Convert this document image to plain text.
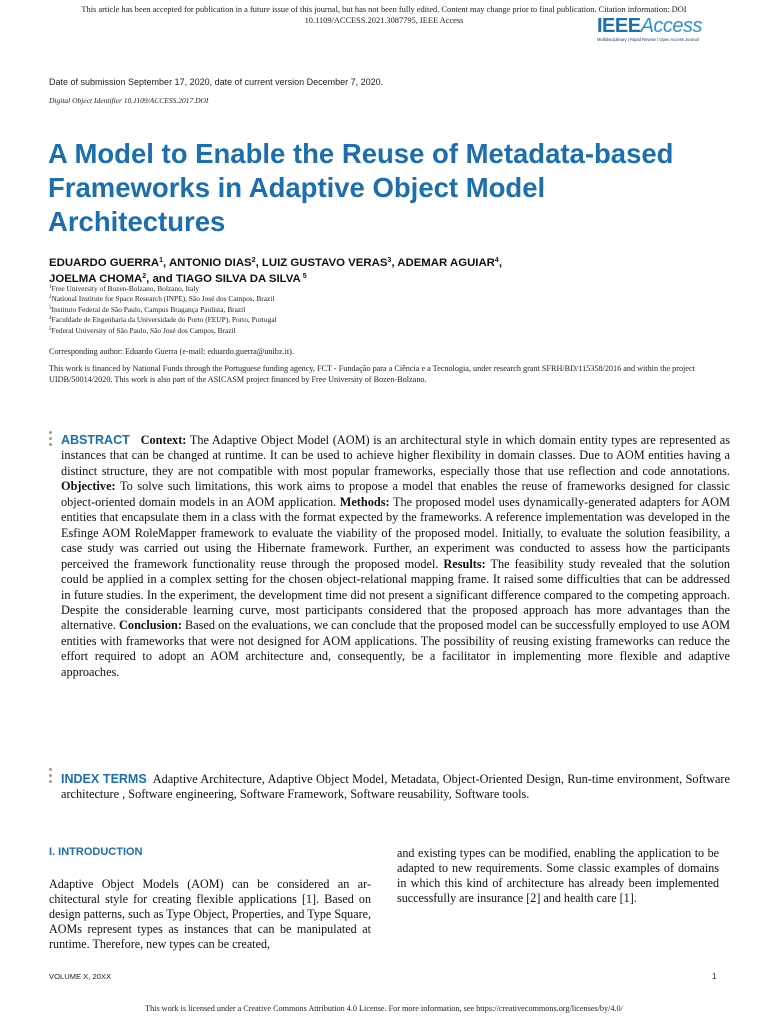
This article has been accepted for publication in a future issue of this journal, but has not been fully edited. Content may change prior to final publication. Citation information: DOI
10.1109/ACCESS.2021.3087795, IEEE Access	IEEEAccess
Multidisciplinary | Rapid Review | Open Access Journal
Date of submission September 17, 2020, date of current version December 7, 2020.
Digital Object Identifier 10.1109/ACCESS.2017.DOI
A Model to Enable the Reuse of Metadata-based Frameworks in Adaptive Object Model Architectures
EDUARDO GUERRA$^1$, ANTONIO DIAS$^2$, LUIZ GUSTAVO VERAS$^3$, ADEMAR AGUIAR$^4$,
JOELMA CHOMA$^2$, and TIAGO SILVA DA SILVA $^5$
$^1$Free University of Bozen-Bolzano, Bolzano, Italy
$^2$National Institute for Space Research (INPE), São José dos Campos, Brazil
$^3$Instituto Federal de São Paulo, Campus Bragança Paulista, Brazil
$^4$Faculdade de Engenharia da Universidade do Porto (FEUP), Porto, Portugal
$^5$Federal University of São Paulo, São José dos Campos, Brazil
Corresponding author: Eduardo Guerra (e-mail: eduardo.guerra@unibz.it).
This work is financed by National Funds through the Portuguese funding agency, FCT - Fundação para a Ciência e a Tecnologia, under research grant SFRH/BD/115358/2016 and within the project UIDB/50014/2020. This work is also part of the ASICASM project financed by Free University of Bozen-Bolzano.
ABSTRACT Context: The Adaptive Object Model (AOM) is an architectural style in which domain entity types are represented as instances that can be changed at runtime. It can be used to achieve higher flexibility in domain classes. Due to AOM entities having a distinct structure, they are not compatible with most popular frameworks, especially those that use reflection and code annotations. Objective: To solve such limitations, this work aims to propose a model that enables the reuse of frameworks designed for classic object-oriented domain models in an AOM application. Methods: The proposed model uses dynamically-generated adapters for AOM entities that encapsulate them in a class with the format expected by the frameworks. A reference implementation was developed in the Esfinge AOM RoleMapper framework to evaluate the viability of the proposed model. Initially, to evaluate the solution feasibility, a case study was carried out using the Hibernate framework. Further, an experiment was conducted to assess how the participants perceived the framework functionality reuse through the proposed model. Results: The feasibility study revealed that the solution could be applied in a complex setting for the chosen object-relational mapping frame. It raised some difficulties that can be addressed in future studies. In the experiment, the development time did not present a significant difference compared to the competing approach. Despite the considerable learning curve, most participants considered that the proposed approach has more advantages than the alternative. Conclusion: Based on the evaluations, we can conclude that the proposed model can be successfully employed to use AOM entities with frameworks that were not designed for AOM applications. The possibility of reusing existing frameworks can reduce the effort required to adopt an AOM architecture and, consequently, be a facilitator in implementing more flexible and adaptive approaches.
INDEX TERMS Adaptive Architecture, Adaptive Object Model, Metadata, Object-Oriented Design, Run-time environment, Software architecture , Software engineering, Software Framework, Software reusability, Software tools.
I. INTRODUCTION
Adaptive Object Models (AOM) can be considered an ar-chitectural style for creating flexible applications [1]. Based on design patterns, such as Type Object, Properties, and Type Square, AOMs represent types as instances that can be manipulated at runtime. Therefore, new types can be created,
and existing types can be modified, enabling the application to be adapted to new requirements. Some classic examples of domains in which this kind of architecture has already been implemented successfully are insurance [2] and health care [1].
VOLUME X, 20XX	1
This work is licensed under a Creative Commons Attribution 4.0 License. For more information, see https://creativecommons.org/licenses/by/4.0/
